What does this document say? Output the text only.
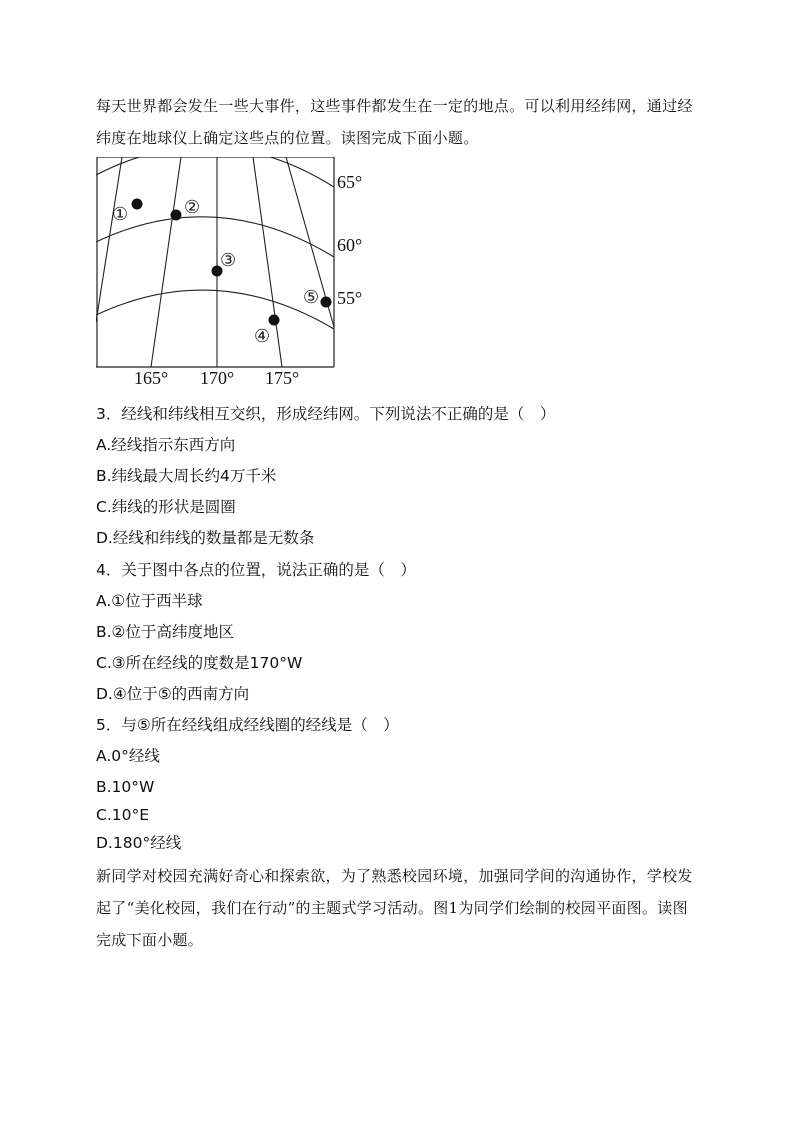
每天世界都会发生一些大事件，这些事件都发生在一定的地点。可以利用经纬网，通过经纬度在地球仪上确定这些点的位置。读图完成下面小题。
①	②
③
④
⑤
65°
60°
55°
165° 170° 175°
3．经线和纬线相互交织，形成经纬网。下列说法不正确的是（　）
A.经线指示东西方向
B.纬线最大周长约4万千米
C.纬线的形状是圆圈
D.经线和纬线的数量都是无数条
4．关于图中各点的位置，说法正确的是（　）
A.①位于西半球
B.②位于高纬度地区
C.③所在经线的度数是170°W
D.④位于⑤的西南方向
5．与⑤所在经线组成经线圈的经线是（　）
A.0°经线
B.10°W
C.10°E
D.180°经线
新同学对校园充满好奇心和探索欲，为了熟悉校园环境，加强同学间的沟通协作，学校发起了“美化校园，我们在行动”的主题式学习活动。图1为同学们绘制的校园平面图。读图完成下面小题。
